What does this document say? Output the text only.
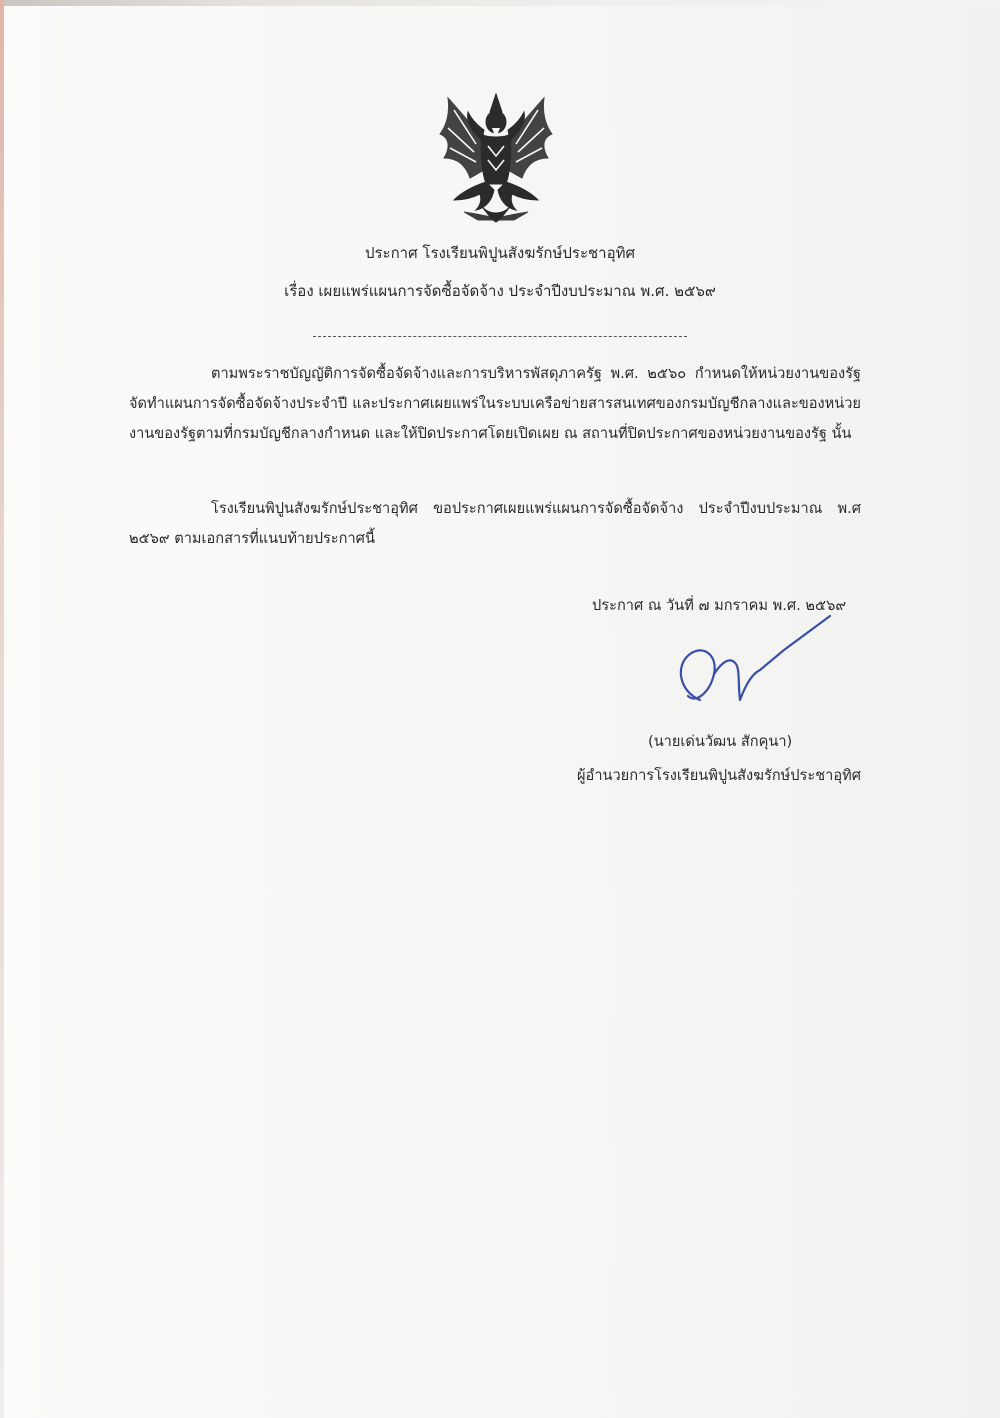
ประกาศ โรงเรียนพิปูนสังฆรักษ์ประชาอุทิศ
เรื่อง เผยแพร่แผนการจัดซื้อจัดจ้าง ประจำปีงบประมาณ พ.ศ. ๒๕๖๙

ตามพระราชบัญญัติการจัดซื้อจัดจ้างและการบริหารพัสดุภาครัฐ พ.ศ. ๒๕๖๐ กำหนดให้หน่วยงานของรัฐจัดทำแผนการจัดซื้อจัดจ้างประจำปี และประกาศเผยแพร่ในระบบเครือข่ายสารสนเทศของกรมบัญชีกลางและของหน่วยงานของรัฐตามที่กรมบัญชีกลางกำหนด และให้ปิดประกาศโดยเปิดเผย ณ สถานที่ปิดประกาศของหน่วยงานของรัฐ นั้น

โรงเรียนพิปูนสังฆรักษ์ประชาอุทิศ ขอประกาศเผยแพร่แผนการจัดซื้อจัดจ้าง ประจำปีงบประมาณ พ.ศ ๒๕๖๙ ตามเอกสารที่แนบท้ายประกาศนี้

ประกาศ ณ วันที่ ๗ มกราคม พ.ศ. ๒๕๖๙
(นายเด่นวัฒน สักคุนา)
ผู้อำนวยการโรงเรียนพิปูนสังฆรักษ์ประชาอุทิศ
